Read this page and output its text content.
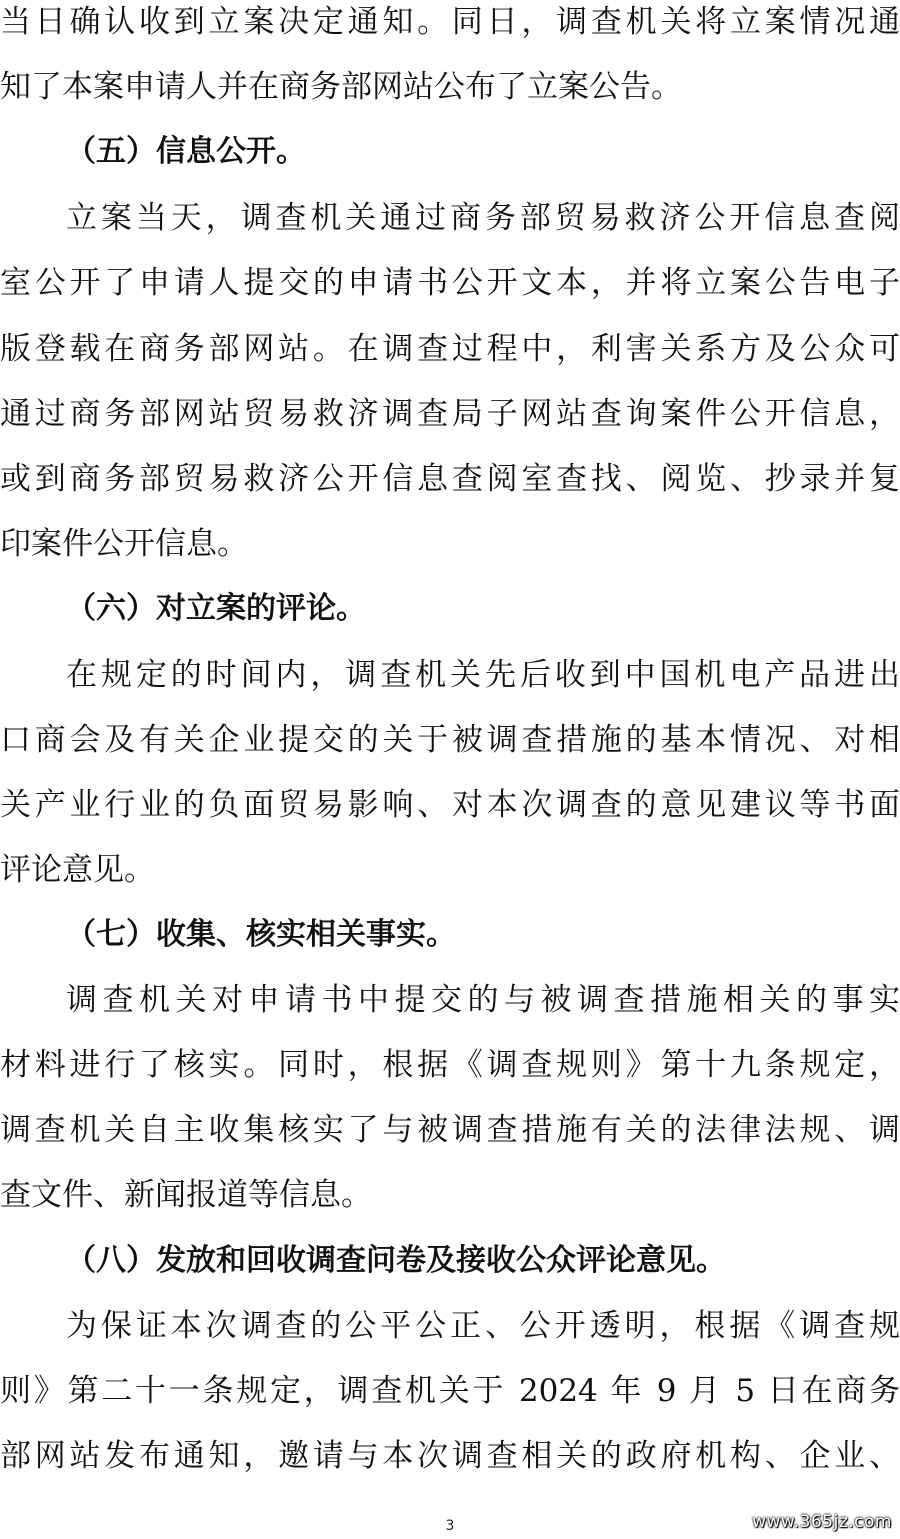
当日确认收到立案决定通知。同日，调查机关将立案情况通
知了本案申请人并在商务部网站公布了立案公告。
（五）信息公开。
立案当天，调查机关通过商务部贸易救济公开信息查阅
室公开了申请人提交的申请书公开文本，并将立案公告电子
版登载在商务部网站。在调查过程中，利害关系方及公众可
通过商务部网站贸易救济调查局子网站查询案件公开信息，
或到商务部贸易救济公开信息查阅室查找、阅览、抄录并复
印案件公开信息。
（六）对立案的评论。
在规定的时间内，调查机关先后收到中国机电产品进出
口商会及有关企业提交的关于被调查措施的基本情况、对相
关产业行业的负面贸易影响、对本次调查的意见建议等书面
评论意见。
（七）收集、核实相关事实。
调查机关对申请书中提交的与被调查措施相关的事实
材料进行了核实。同时，根据《调查规则》第十九条规定，
调查机关自主收集核实了与被调查措施有关的法律法规、调
查文件、新闻报道等信息。
（八）发放和回收调查问卷及接收公众评论意见。
为保证本次调查的公平公正、公开透明，根据《调查规
则》第二十一条规定，调查机关于 2024 年 9 月 5 日在商务
部网站发布通知，邀请与本次调查相关的政府机构、企业、
3	www.365jz.com
